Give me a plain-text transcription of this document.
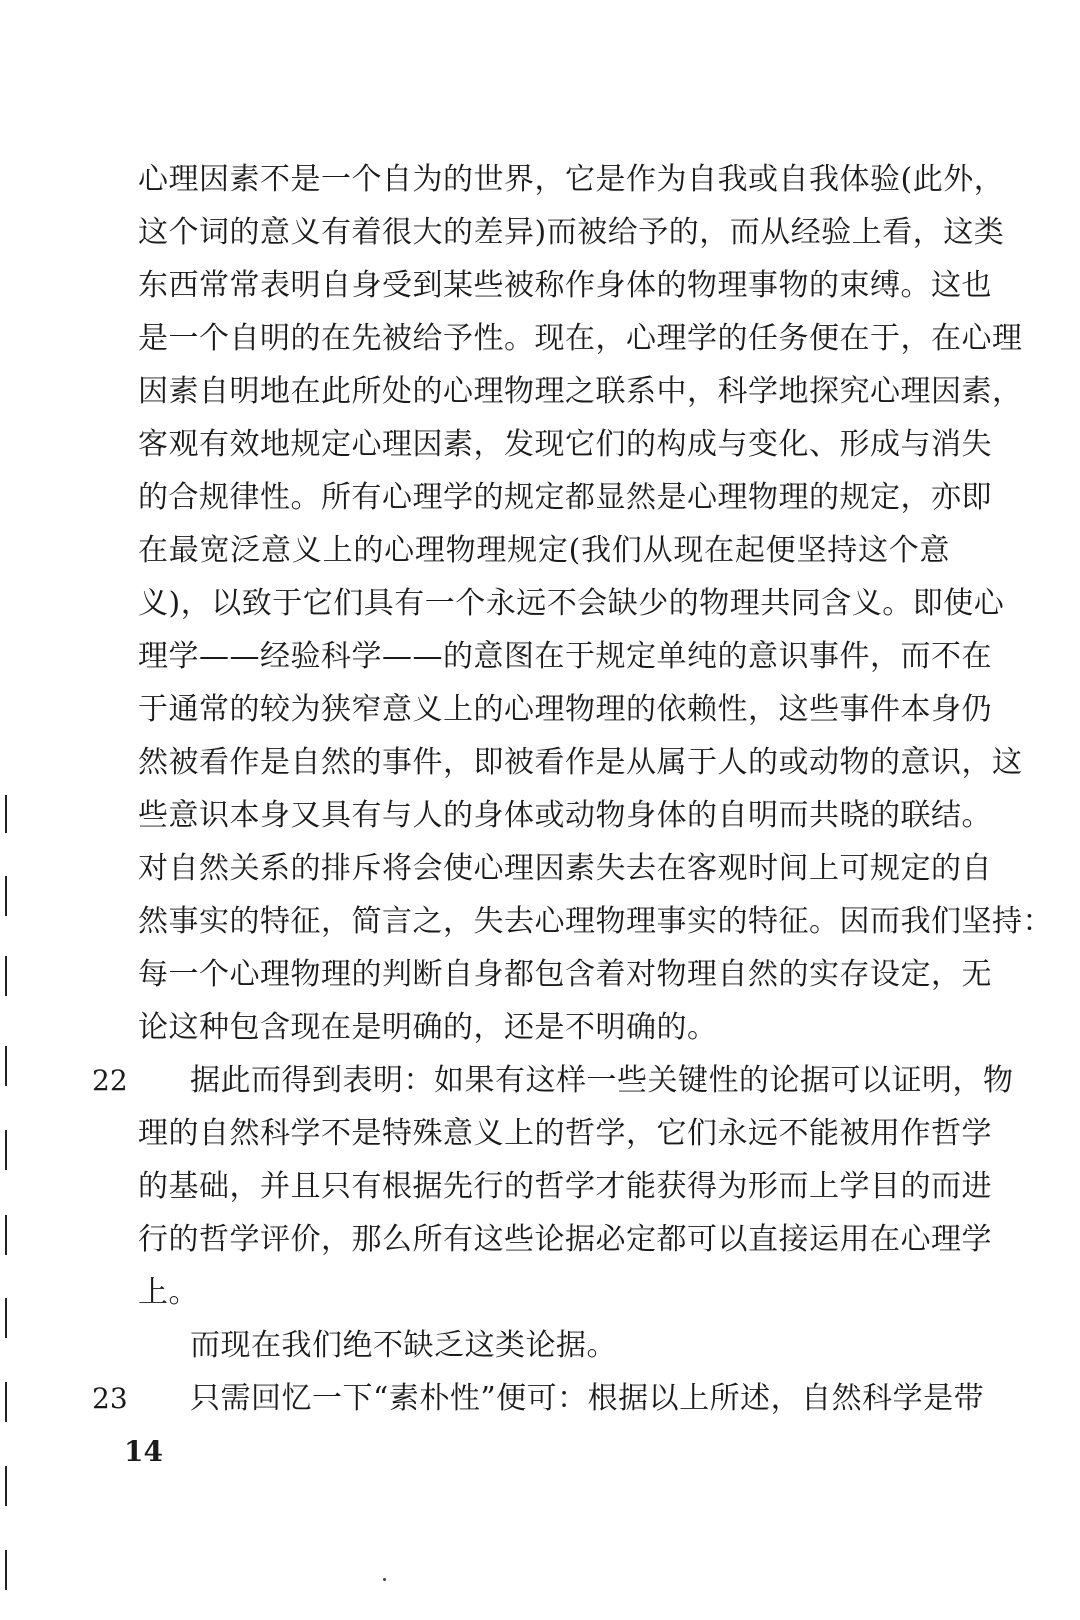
心理因素不是一个自为的世界，它是作为自我或自我体验(此外，
这个词的意义有着很大的差异)而被给予的，而从经验上看，这类
东西常常表明自身受到某些被称作身体的物理事物的束缚。这也
是一个自明的在先被给予性。现在，心理学的任务便在于，在心理
因素自明地在此所处的心理物理之联系中，科学地探究心理因素，
客观有效地规定心理因素，发现它们的构成与变化、形成与消失
的合规律性。所有心理学的规定都显然是心理物理的规定，亦即
在最宽泛意义上的心理物理规定(我们从现在起便坚持这个意
义)，以致于它们具有一个永远不会缺少的物理共同含义。即使心
理学——经验科学——的意图在于规定单纯的意识事件，而不在
于通常的较为狭窄意义上的心理物理的依赖性，这些事件本身仍
然被看作是自然的事件，即被看作是从属于人的或动物的意识，这
些意识本身又具有与人的身体或动物身体的自明而共晓的联结。
对自然关系的排斥将会使心理因素失去在客观时间上可规定的自
然事实的特征，简言之，失去心理物理事实的特征。因而我们坚持：
每一个心理物理的判断自身都包含着对物理自然的实存设定，无
论这种包含现在是明确的，还是不明确的。
22 据此而得到表明：如果有这样一些关键性的论据可以证明，物
理的自然科学不是特殊意义上的哲学，它们永远不能被用作哲学
的基础，并且只有根据先行的哲学才能获得为形而上学目的而进
行的哲学评价，那么所有这些论据必定都可以直接运用在心理学
上。
而现在我们绝不缺乏这类论据。
23 只需回忆一下“素朴性”便可：根据以上所述，自然科学是带
14
